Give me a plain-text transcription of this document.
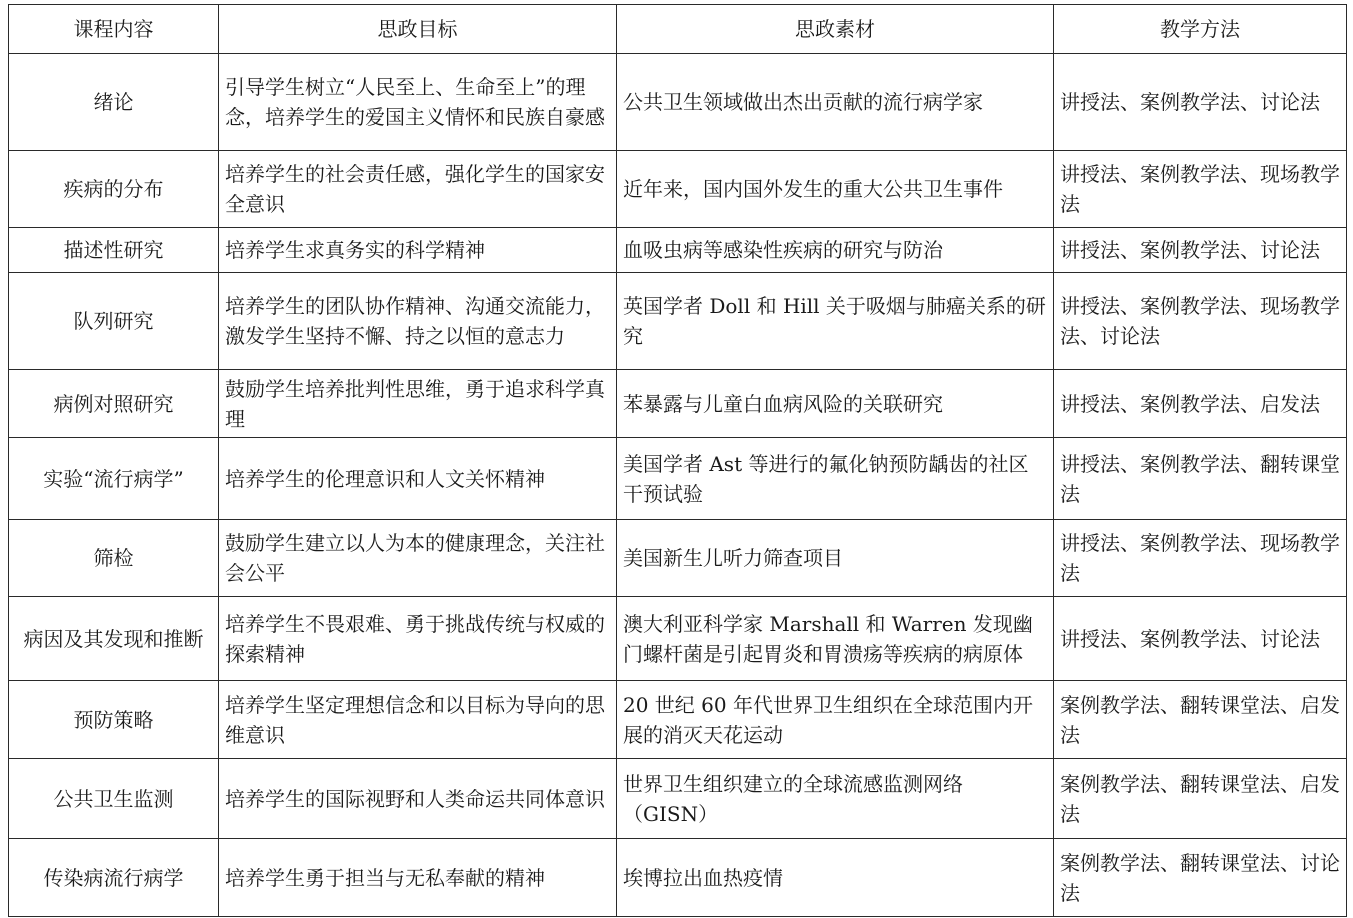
课程内容	思政目标	思政素材	教学方法
绪论	引导学生树立“人民至上、生命至上”的理念，培养学生的爱国主义情怀和民族自豪感	公共卫生领域做出杰出贡献的流行病学家	讲授法、案例教学法、讨论法
疾病的分布	培养学生的社会责任感，强化学生的国家安全意识	近年来，国内国外发生的重大公共卫生事件	讲授法、案例教学法、现场教学法
描述性研究	培养学生求真务实的科学精神	血吸虫病等感染性疾病的研究与防治	讲授法、案例教学法、讨论法
队列研究	培养学生的团队协作精神、沟通交流能力，激发学生坚持不懈、持之以恒的意志力	英国学者 Doll 和 Hill 关于吸烟与肺癌关系的研究	讲授法、案例教学法、现场教学法、讨论法
病例对照研究	鼓励学生培养批判性思维，勇于追求科学真理	苯暴露与儿童白血病风险的关联研究	讲授法、案例教学法、启发法
实验“流行病学”	培养学生的伦理意识和人文关怀精神	美国学者 Ast 等进行的氟化钠预防龋齿的社区干预试验	讲授法、案例教学法、翻转课堂法
筛检	鼓励学生建立以人为本的健康理念，关注社会公平	美国新生儿听力筛查项目	讲授法、案例教学法、现场教学法
病因及其发现和推断	培养学生不畏艰难、勇于挑战传统与权威的探索精神	澳大利亚科学家 Marshall 和 Warren 发现幽门螺杆菌是引起胃炎和胃溃疡等疾病的病原体	讲授法、案例教学法、讨论法
预防策略	培养学生坚定理想信念和以目标为导向的思维意识	20 世纪 60 年代世界卫生组织在全球范围内开展的消灭天花运动	案例教学法、翻转课堂法、启发法
公共卫生监测	培养学生的国际视野和人类命运共同体意识	世界卫生组织建立的全球流感监测网络（GISN）	案例教学法、翻转课堂法、启发法
传染病流行病学	培养学生勇于担当与无私奉献的精神	埃博拉出血热疫情	案例教学法、翻转课堂法、讨论法
